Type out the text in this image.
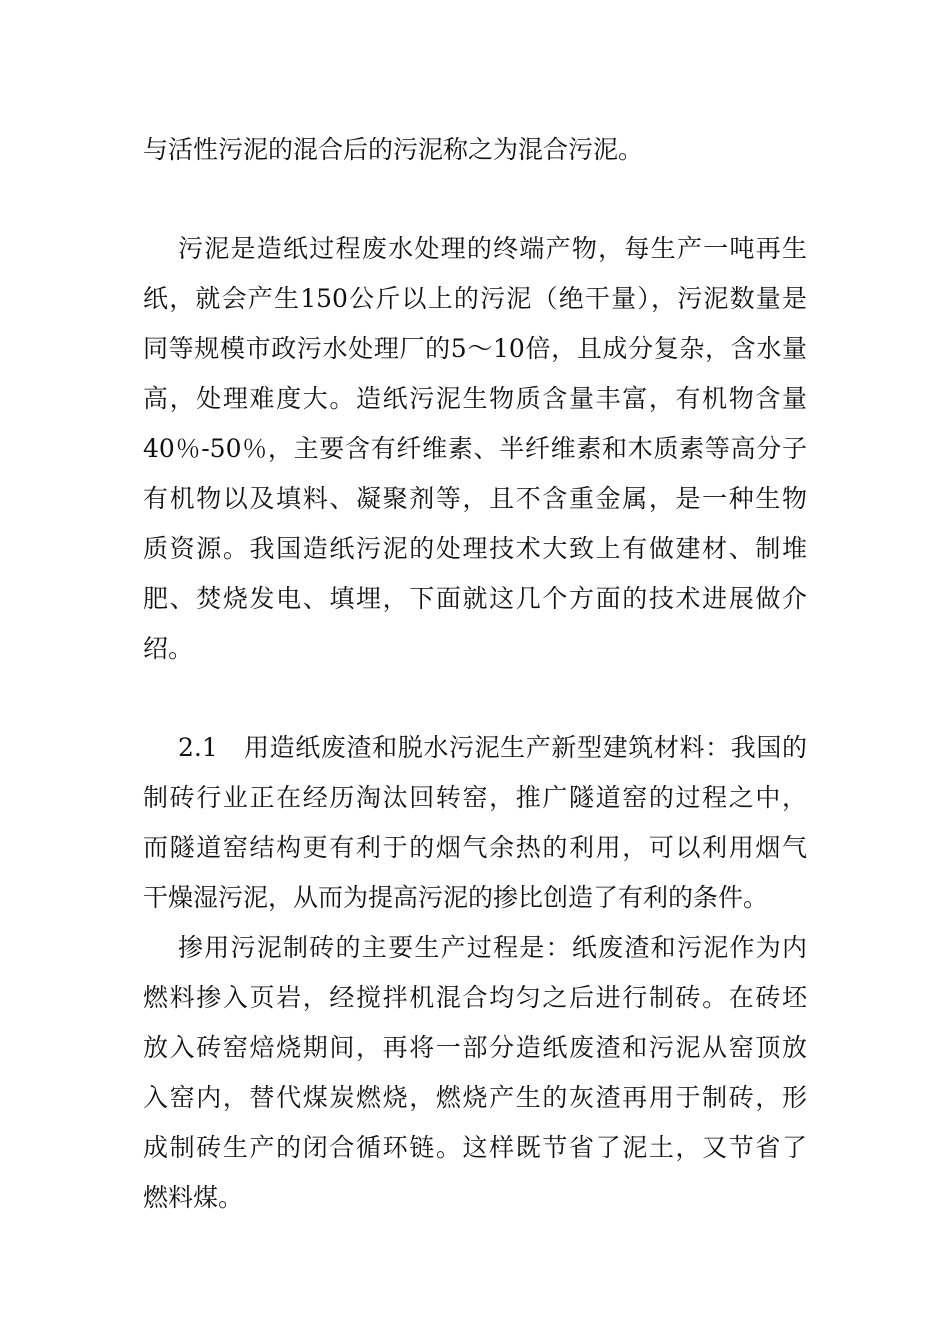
与活性污泥的混合后的污泥称之为混合污泥。
污泥是造纸过程废水处理的终端产物，每生产一吨再生
纸，就会产生150公斤以上的污泥（绝干量），污泥数量是
同等规模市政污水处理厂的5～10倍，且成分复杂，含水量
高，处理难度大。造纸污泥生物质含量丰富，有机物含量
40％-50％，主要含有纤维素、半纤维素和木质素等高分子
有机物以及填料、凝聚剂等，且不含重金属，是一种生物
质资源。我国造纸污泥的处理技术大致上有做建材、制堆
肥、焚烧发电、填埋，下面就这几个方面的技术进展做介
绍。
2.1　用造纸废渣和脱水污泥生产新型建筑材料：我国的
制砖行业正在经历淘汰回转窑，推广隧道窑的过程之中，
而隧道窑结构更有利于的烟气余热的利用，可以利用烟气
干燥湿污泥，从而为提高污泥的掺比创造了有利的条件。
掺用污泥制砖的主要生产过程是：纸废渣和污泥作为内
燃料掺入页岩，经搅拌机混合均匀之后进行制砖。在砖坯
放入砖窑焙烧期间，再将一部分造纸废渣和污泥从窑顶放
入窑内，替代煤炭燃烧，燃烧产生的灰渣再用于制砖，形
成制砖生产的闭合循环链。这样既节省了泥土，又节省了
燃料煤。
